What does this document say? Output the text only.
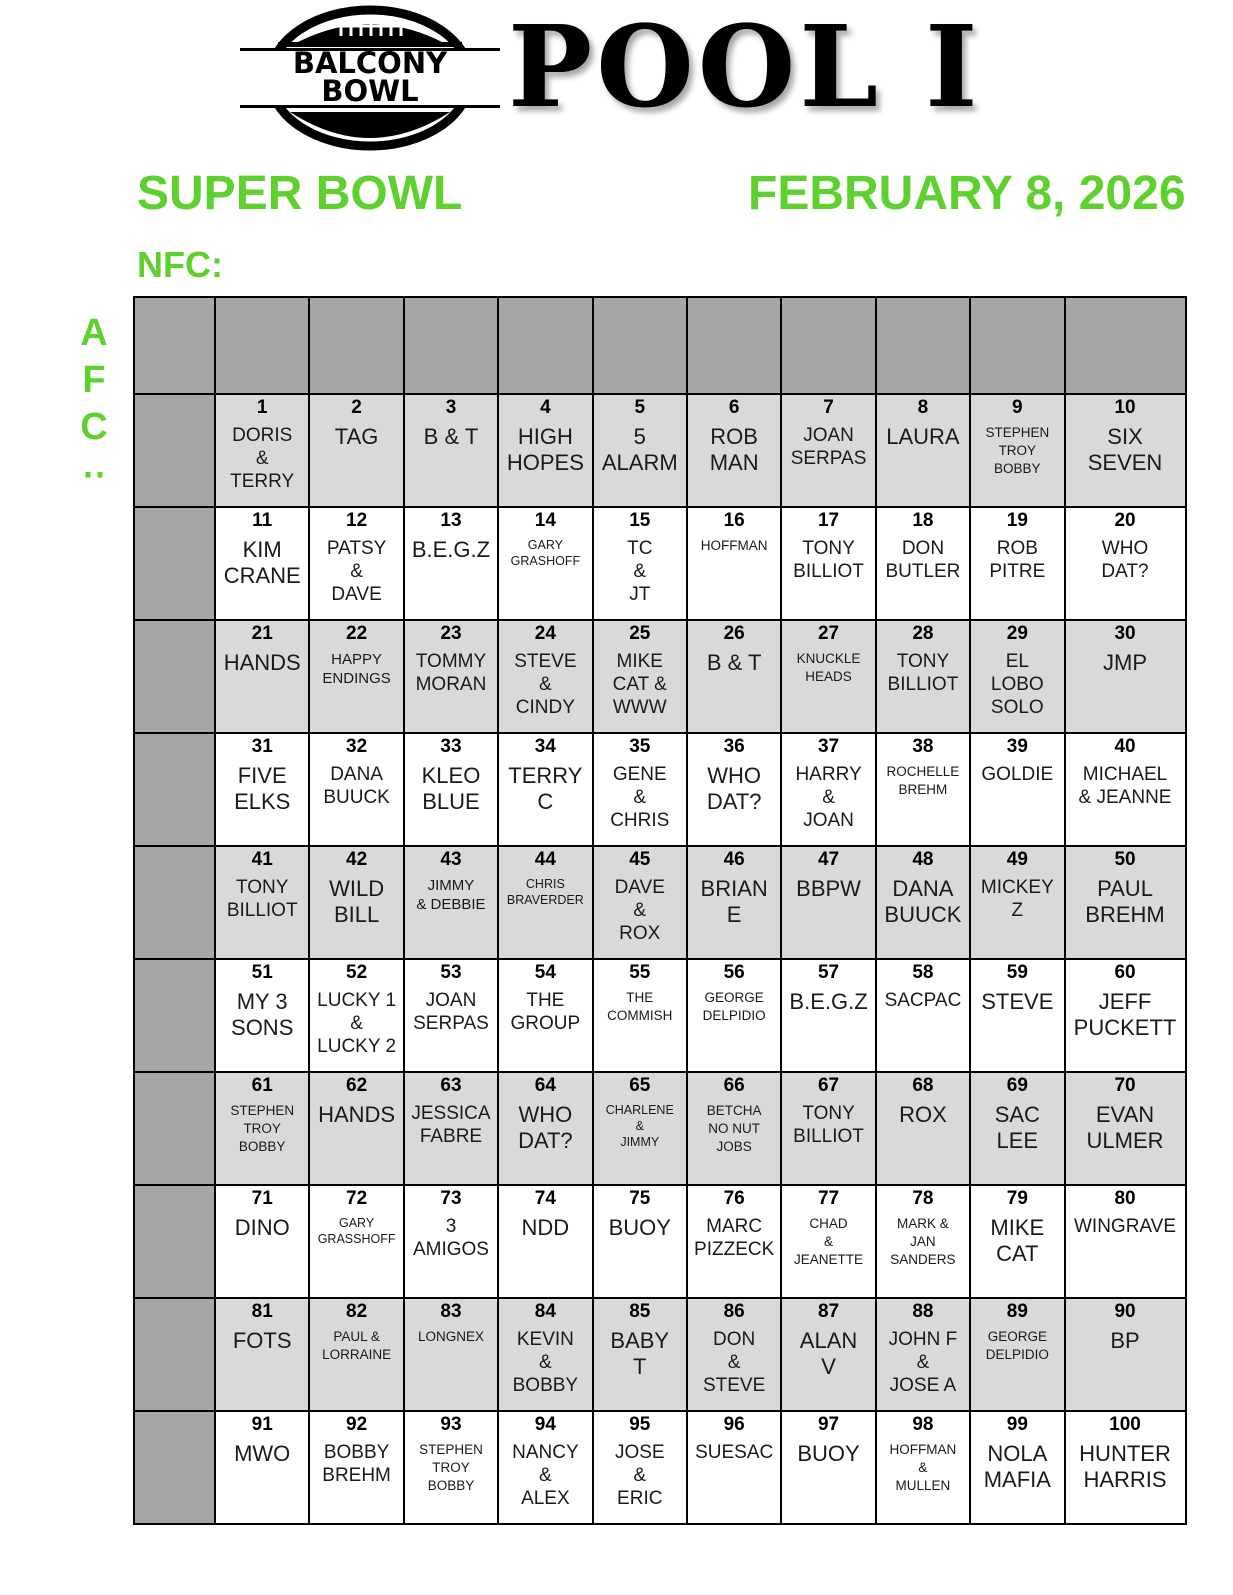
BALCONY
BOWL POOL I
SUPER BOWL	FEBRUARY 8, 2026
NFC:
A
F
C
‥

	1
DORIS
&
TERRY	2
TAG	3
B & T	4
HIGH
HOPES	5
5
ALARM	6
ROB
MAN	7
JOAN
SERPAS	8
LAURA	9
STEPHEN
TROY
BOBBY	10
SIX
SEVEN

	11
KIM
CRANE	12
PATSY
&
DAVE	13
B.E.G.Z	14
GARY
GRASHOFF	15
TC
&
JT	16
HOFFMAN	17
TONY
BILLIOT	18
DON
BUTLER	19
ROB
PITRE	20
WHO
DAT?

	21
HANDS	22
HAPPY
ENDINGS	23
TOMMY
MORAN	24
STEVE
&
CINDY	25
MIKE
CAT &
WWW	26
B & T	27
KNUCKLE
HEADS	28
TONY
BILLIOT	29
EL
LOBO
SOLO	30
JMP

	31
FIVE
ELKS	32
DANA
BUUCK	33
KLEO
BLUE	34
TERRY
C	35
GENE
&
CHRIS	36
WHO
DAT?	37
HARRY
&
JOAN	38
ROCHELLE
BREHM	39
GOLDIE	40
MICHAEL
& JEANNE

	41
TONY
BILLIOT	42
WILD
BILL	43
JIMMY
& DEBBIE	44
CHRIS
BRAVERDER	45
DAVE
&
ROX	46
BRIAN
E	47
BBPW	48
DANA
BUUCK	49
MICKEY
Z	50
PAUL
BREHM

	51
MY 3
SONS	52
LUCKY 1
&
LUCKY 2	53
JOAN
SERPAS	54
THE
GROUP	55
THE
COMMISH	56
GEORGE
DELPIDIO	57
B.E.G.Z	58
SACPAC	59
STEVE	60
JEFF
PUCKETT

	61
STEPHEN
TROY
BOBBY	62
HANDS	63
JESSICA
FABRE	64
WHO
DAT?	65
CHARLENE
&
JIMMY	66
BETCHA
NO NUT
JOBS	67
TONY
BILLIOT	68
ROX	69
SAC
LEE	70
EVAN
ULMER

	71
DINO	72
GARY
GRASSHOFF	73
3
AMIGOS	74
NDD	75
BUOY	76
MARC
PIZZECK	77
CHAD
&
JEANETTE	78
MARK &
JAN
SANDERS	79
MIKE
CAT	80
WINGRAVE

	81
FOTS	82
PAUL &
LORRAINE	83
LONGNEX	84
KEVIN
&
BOBBY	85
BABY
T	86
DON
&
STEVE	87
ALAN
V	88
JOHN F
&
JOSE A	89
GEORGE
DELPIDIO	90
BP

	91
MWO	92
BOBBY
BREHM	93
STEPHEN
TROY
BOBBY	94
NANCY
&
ALEX	95
JOSE
&
ERIC	96
SUESAC	97
BUOY	98
HOFFMAN
&
MULLEN	99
NOLA
MAFIA	100
HUNTER
HARRIS
